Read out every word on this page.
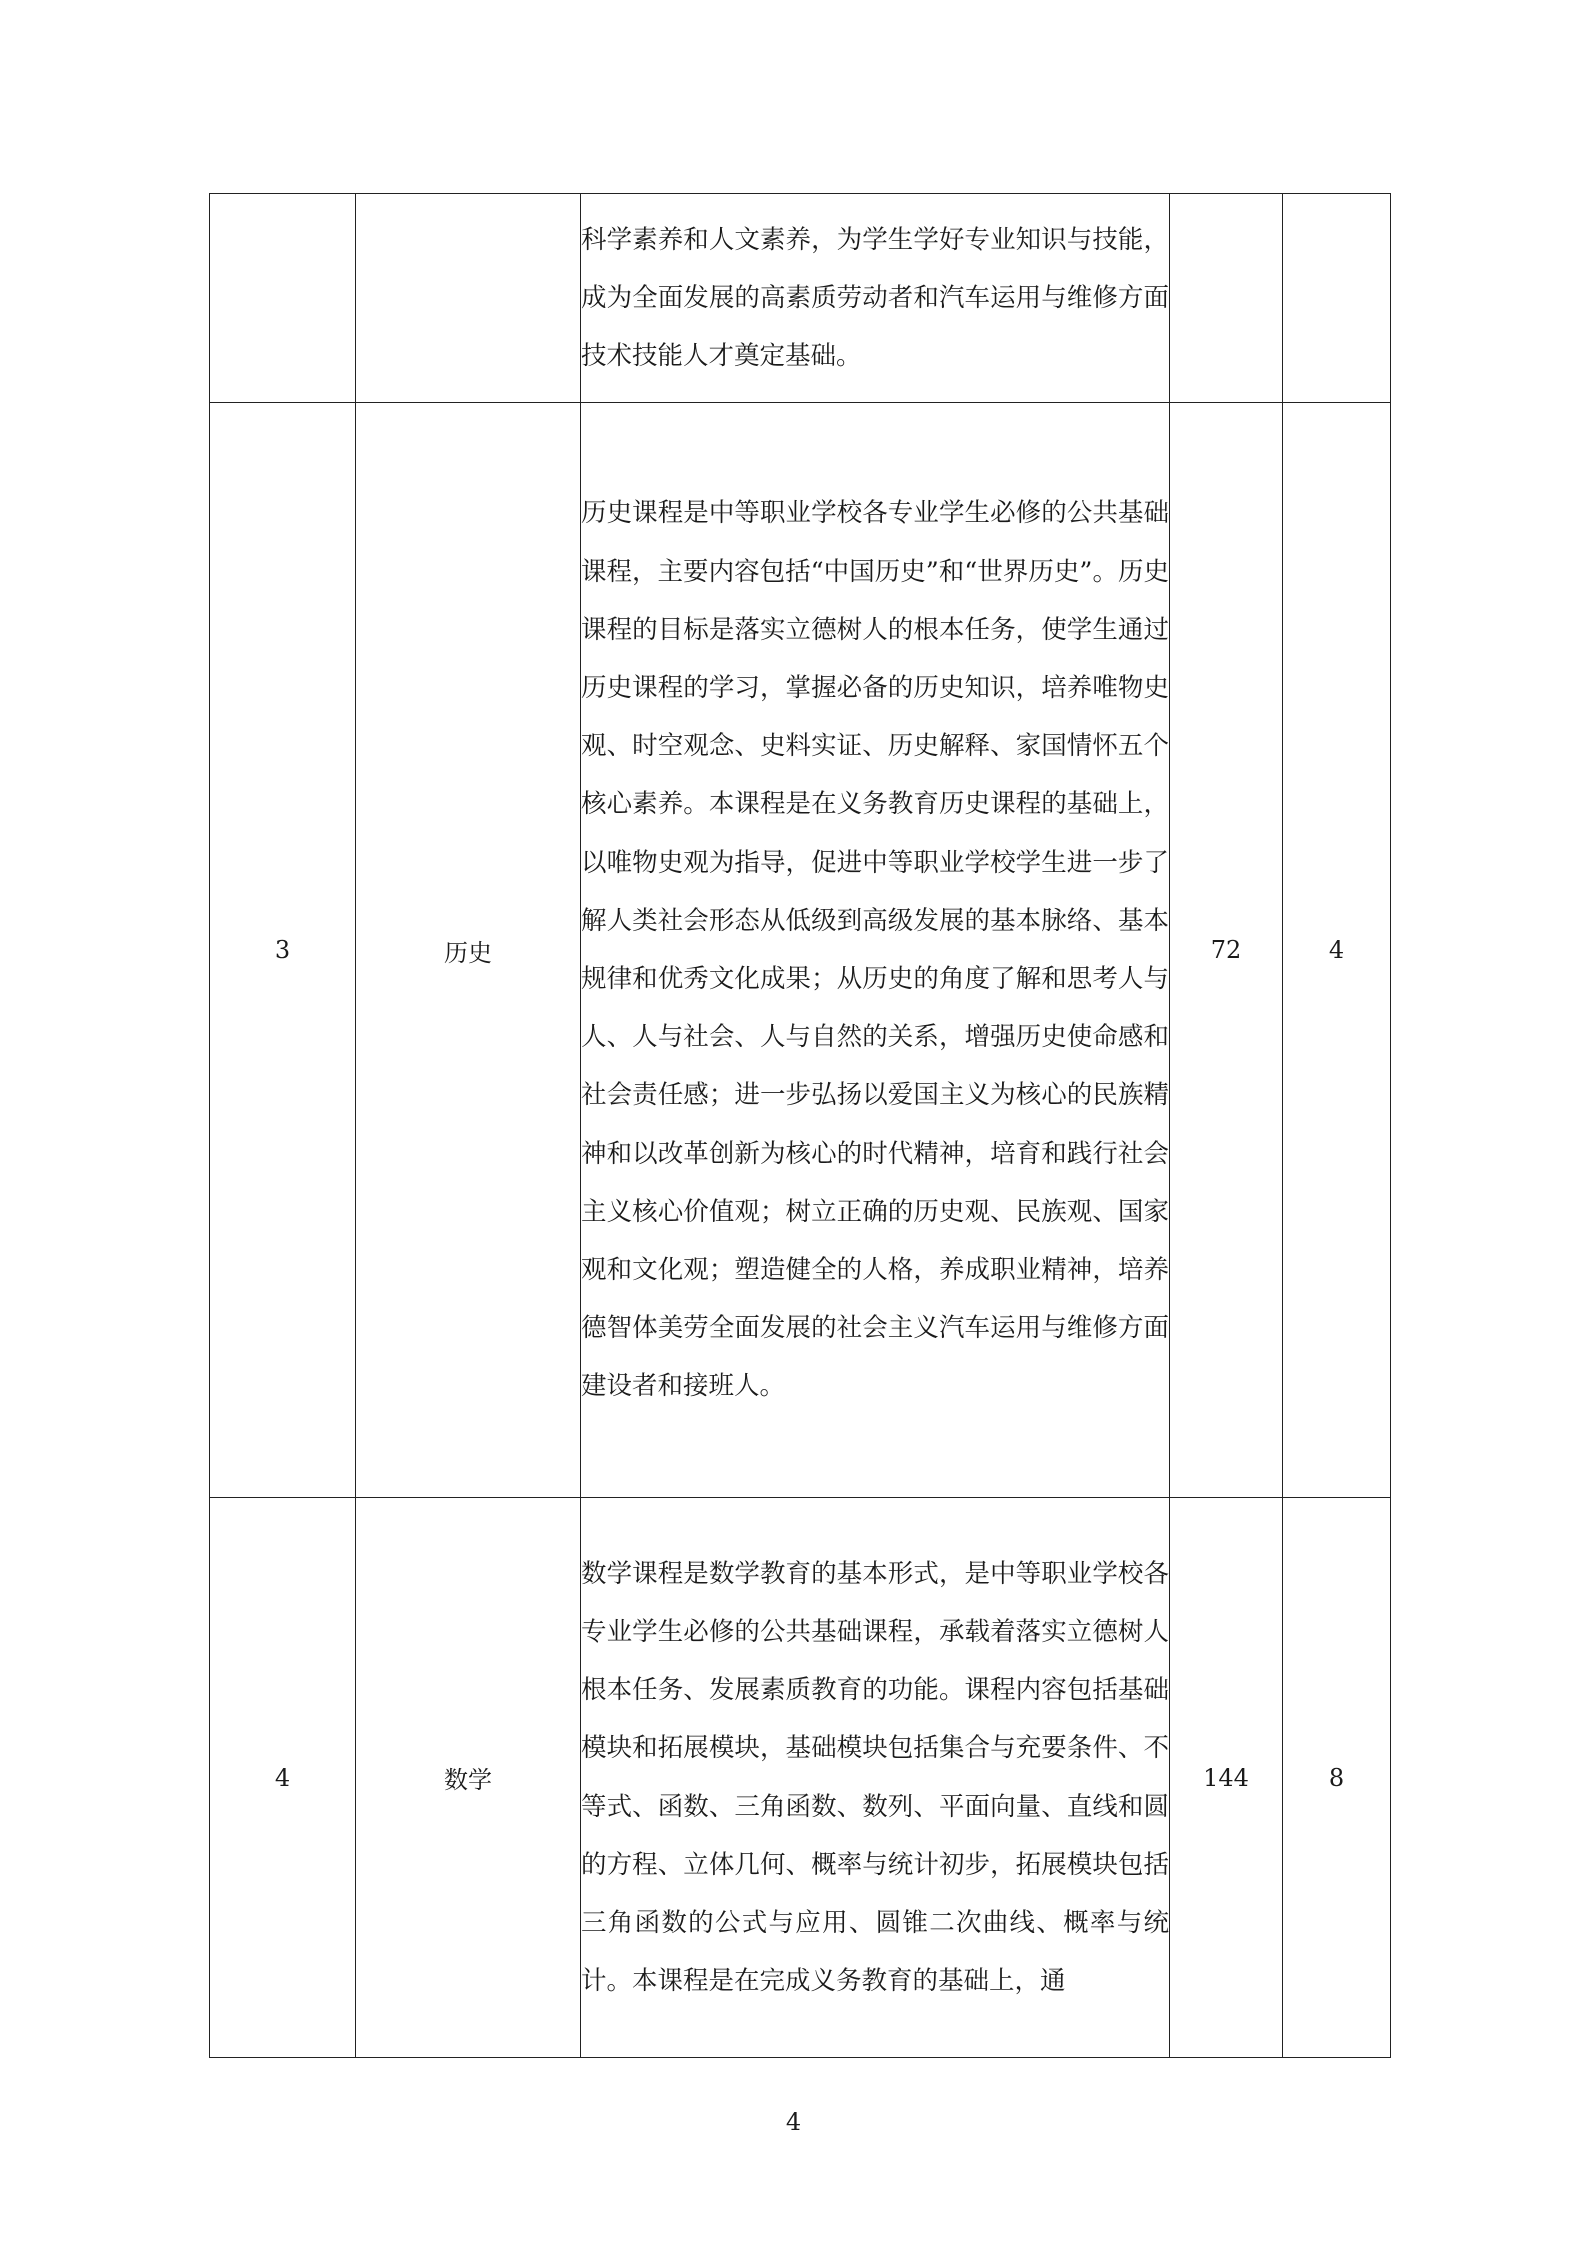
		科学素养和人文素养，为学生学好专业知识与技能，成为全面发展的高素质劳动者和汽车运用与维修方面技术技能人才奠定基础。		
3	历史	历史课程是中等职业学校各专业学生必修的公共基础课程，主要内容包括“中国历史”和“世界历史”。历史课程的目标是落实立德树人的根本任务，使学生通过历史课程的学习，掌握必备的历史知识，培养唯物史观、时空观念、史料实证、历史解释、家国情怀五个核心素养。本课程是在义务教育历史课程的基础上，以唯物史观为指导，促进中等职业学校学生进一步了解人类社会形态从低级到高级发展的基本脉络、基本规律和优秀文化成果；从历史的角度了解和思考人与人、人与社会、人与自然的关系，增强历史使命感和社会责任感；进一步弘扬以爱国主义为核心的民族精神和以改革创新为核心的时代精神，培育和践行社会主义核心价值观；树立正确的历史观、民族观、国家观和文化观；塑造健全的人格，养成职业精神，培养德智体美劳全面发展的社会主义汽车运用与维修方面建设者和接班人。	72	4
4	数学	数学课程是数学教育的基本形式，是中等职业学校各专业学生必修的公共基础课程，承载着落实立德树人根本任务、发展素质教育的功能。课程内容包括基础模块和拓展模块，基础模块包括集合与充要条件、不等式、函数、三角函数、数列、平面向量、直线和圆的方程、立体几何、概率与统计初步，拓展模块包括三角函数的公式与应用、圆锥二次曲线、概率与统计。本课程是在完成义务教育的基础上，通	144	8
4
